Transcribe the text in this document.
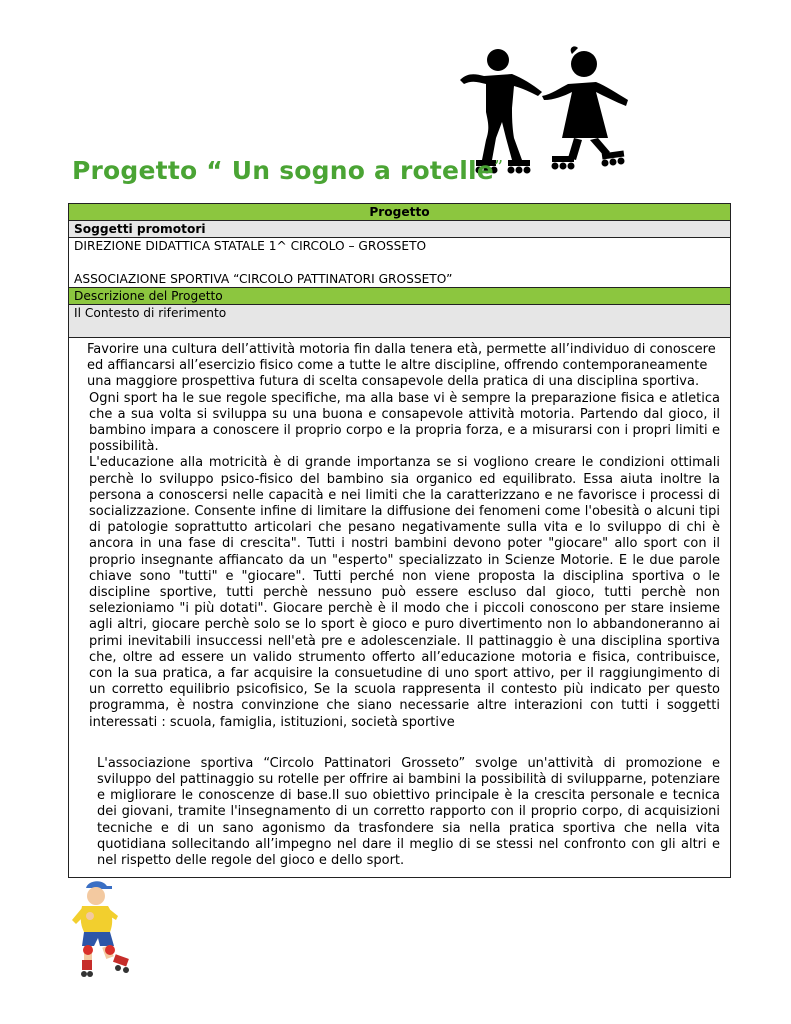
Progetto “ Un sogno a rotelle”
Progetto
Soggetti promotori

DIREZIONE DIDATTICA STATALE 1^ CIRCOLO – GROSSETO
ASSOCIAZIONE SPORTIVA “CIRCOLO PATTINATORI GROSSETO”

Descrizione del Progetto
Il Contesto di riferimento

Favorire una cultura dell’attività motoria fin dalla tenera età, permette all’individuo di conoscere ed affiancarsi all’esercizio fisico come a tutte le altre discipline, offrendo contemporaneamente una maggiore prospettiva futura di scelta consapevole della pratica di una disciplina sportiva.

Ogni sport ha le sue regole specifiche, ma alla base vi è sempre la preparazione fisica e atletica che a sua volta si sviluppa su una buona e consapevole attività motoria. Partendo dal gioco, il bambino impara a conoscere il proprio corpo e la propria forza, e a misurarsi con i propri limiti e possibilità.

L'educazione alla motricità è di grande importanza se si vogliono creare le condizioni ottimali perchè lo sviluppo psico-fisico del bambino sia organico ed equilibrato. Essa aiuta inoltre la persona a conoscersi nelle capacità e nei limiti che la caratterizzano e ne favorisce i processi di socializzazione. Consente infine di limitare la diffusione dei fenomeni come l'obesità o alcuni tipi di patologie soprattutto articolari che pesano negativamente sulla vita e lo sviluppo di chi è ancora in una fase di crescita". Tutti i nostri bambini devono poter "giocare" allo sport con il proprio insegnante affiancato da un "esperto" specializzato in Scienze Motorie. E le due parole chiave sono "tutti" e "giocare". Tutti perché non viene proposta la disciplina sportiva o le discipline sportive, tutti perchè nessuno può essere escluso dal gioco, tutti perchè non selezioniamo "i più dotati". Giocare perchè è il modo che i piccoli conoscono per stare insieme agli altri, giocare perchè solo se lo sport è gioco e puro divertimento non lo abbandoneranno ai primi inevitabili insuccessi nell'età pre e adolescenziale. Il pattinaggio è una disciplina sportiva che, oltre ad essere un valido strumento offerto all’educazione motoria e fisica, contribuisce, con la sua pratica, a far acquisire la consuetudine di uno sport attivo, per il raggiungimento di un corretto equilibrio psicofisico, Se la scuola rappresenta il contesto più indicato per questo programma, è nostra convinzione che siano necessarie altre interazioni con tutti i soggetti interessati : scuola, famiglia, istituzioni, società sportive

L'associazione sportiva “Circolo Pattinatori Grosseto” svolge un'attività di promozione e sviluppo del pattinaggio su rotelle per offrire ai bambini la possibilità di svilupparne, potenziare e migliorare le conoscenze di base.Il suo obiettivo principale è la crescita personale e tecnica dei giovani, tramite l'insegnamento di un corretto rapporto con il proprio corpo, di acquisizioni tecniche e di un sano agonismo da trasfondere sia nella pratica sportiva che nella vita quotidiana sollecitando all’impegno nel dare il meglio di se stessi nel confronto con gli altri e nel rispetto delle regole del gioco e dello sport.
